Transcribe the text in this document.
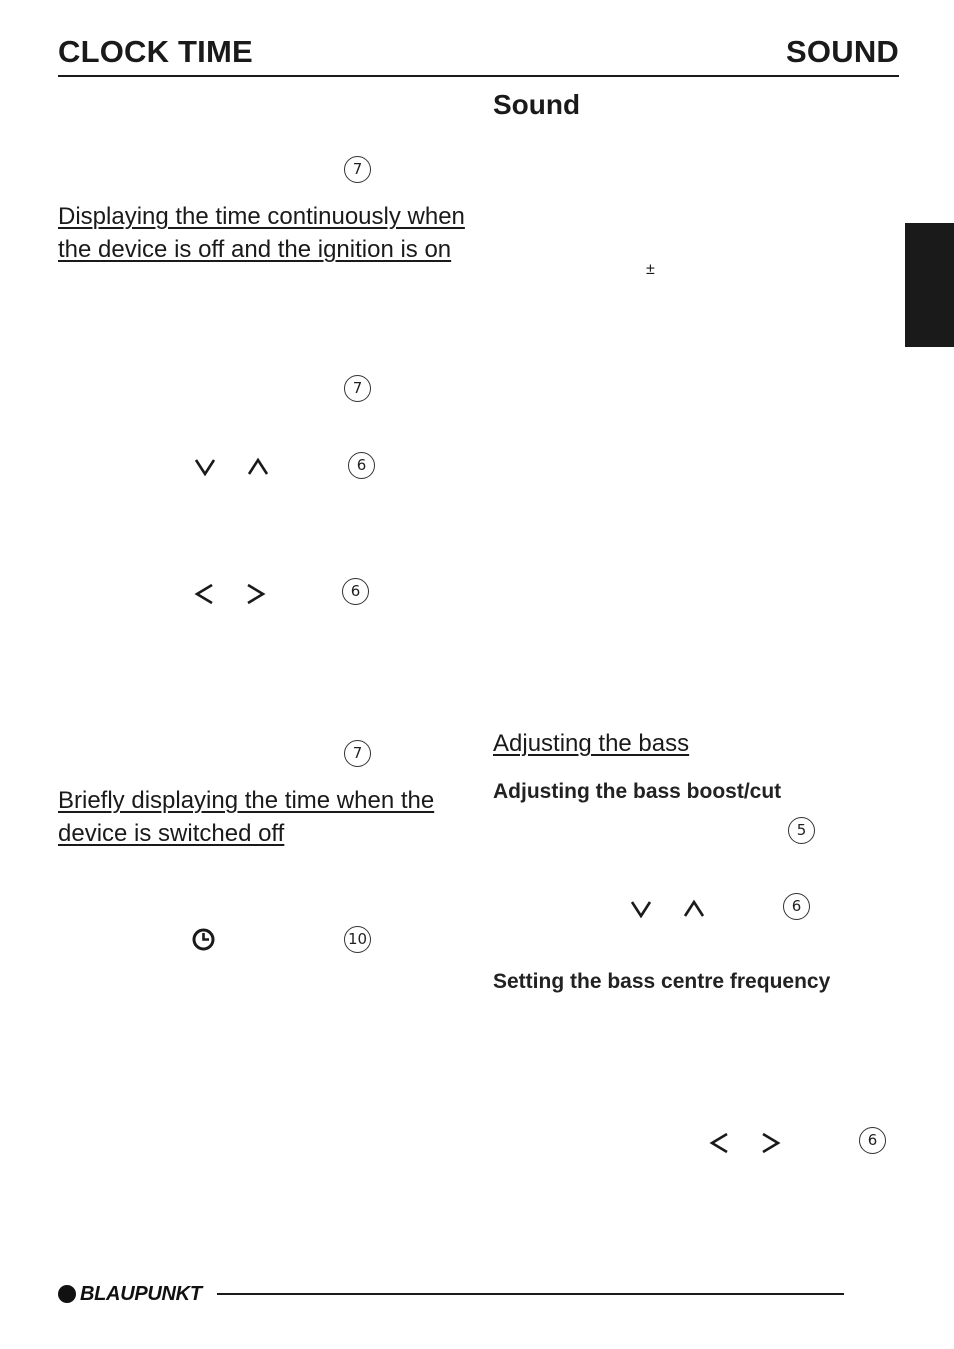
CLOCK TIME	SOUND
Sound
7
Displaying the time continuously when the device is off and the ignition is on
7
6
6
7
Briefly displaying the time when the device is switched off
10
±
Adjusting the bass
Adjusting the bass boost/cut
5
6
Setting the bass centre frequency
6
BLAUPUNKT
